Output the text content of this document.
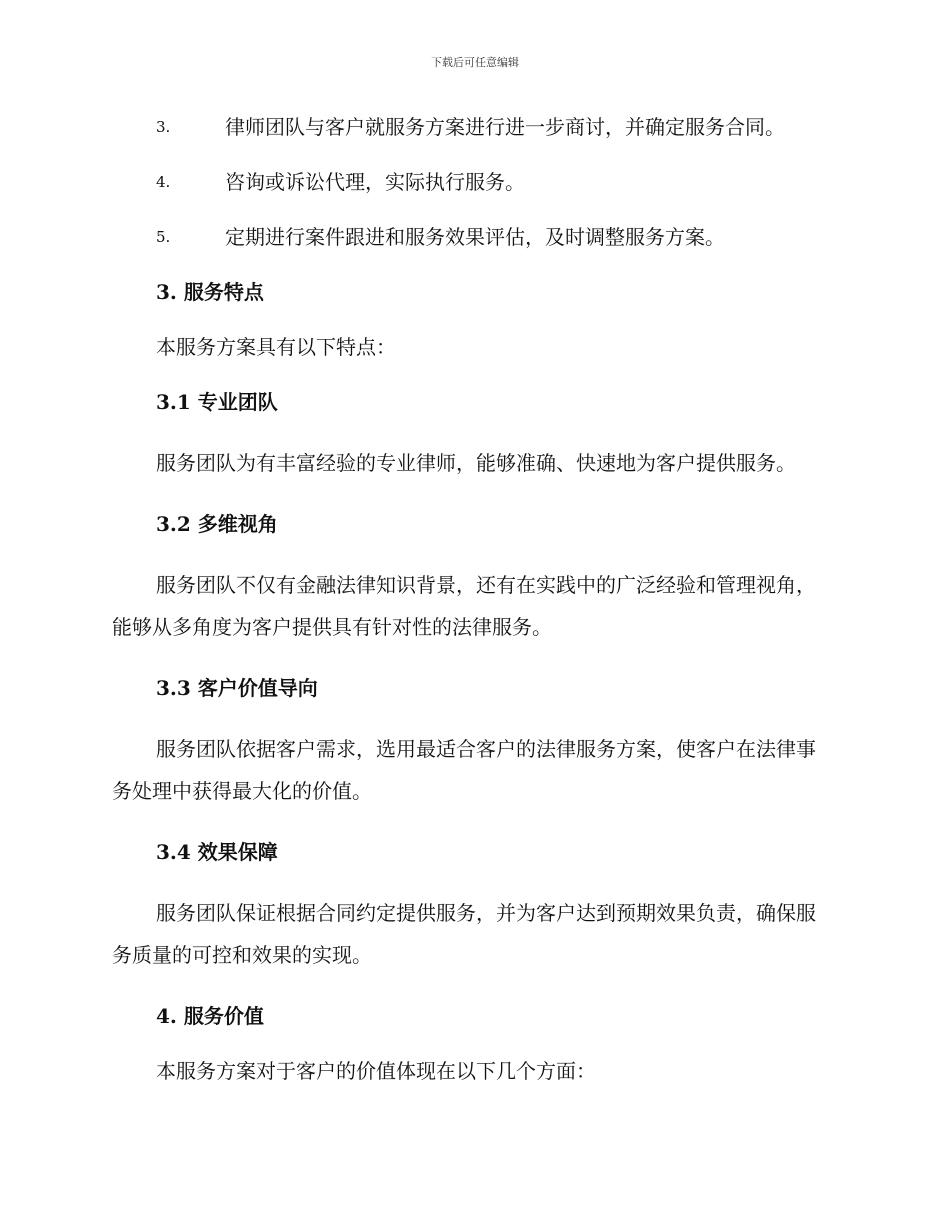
下载后可任意编辑
3.	律师团队与客户就服务方案进行进一步商讨，并确定服务合同。
4.	咨询或诉讼代理，实际执行服务。
5.	定期进行案件跟进和服务效果评估，及时调整服务方案。
3. 服务特点

本服务方案具有以下特点：

3.1 专业团队

服务团队为有丰富经验的专业律师，能够准确、快速地为客户提供服务。

3.2 多维视角

服务团队不仅有金融法律知识背景，还有在实践中的广泛经验和管理视角，能够从多角度为客户提供具有针对性的法律服务。

3.3 客户价值导向

服务团队依据客户需求，选用最适合客户的法律服务方案，使客户在法律事务处理中获得最大化的价值。

3.4 效果保障

服务团队保证根据合同约定提供服务，并为客户达到预期效果负责，确保服务质量的可控和效果的实现。

4. 服务价值

本服务方案对于客户的价值体现在以下几个方面：
